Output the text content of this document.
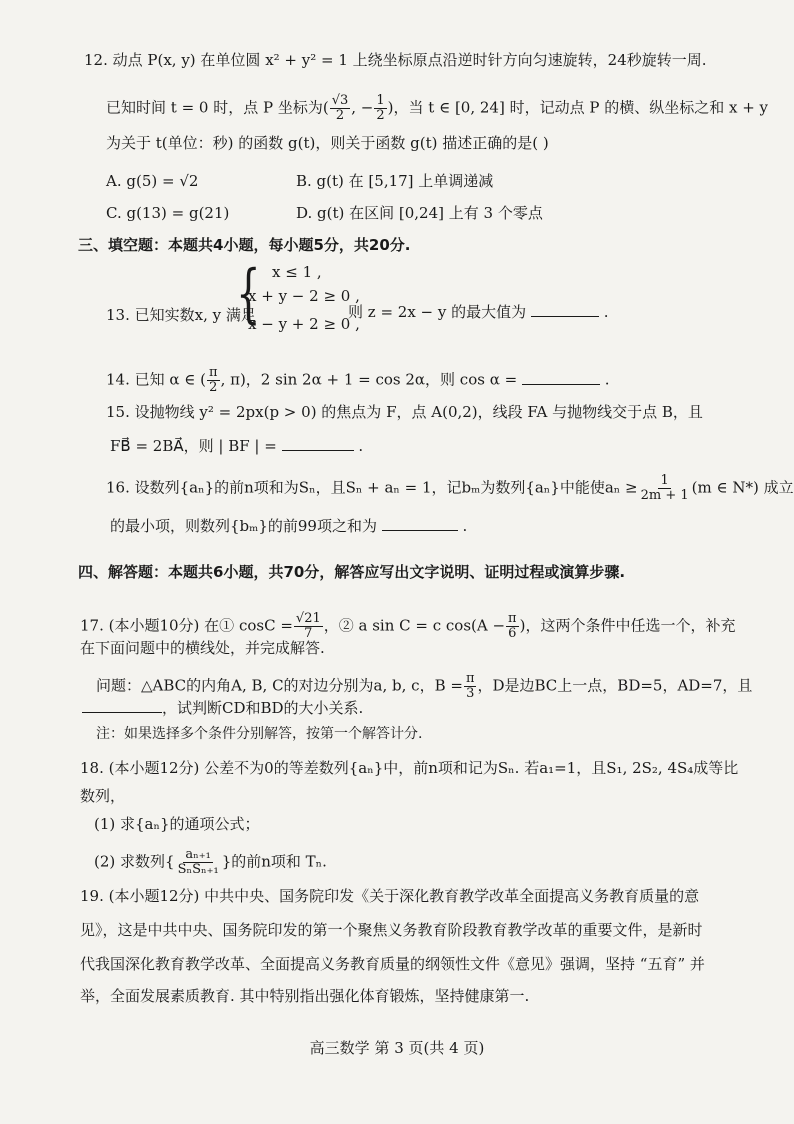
12. 动点 P(x, y) 在单位圆 x² + y² = 1 上绕坐标原点沿逆时针方向匀速旋转，24秒旋转一周.
已知时间 t = 0 时，点 P 坐标为( $\frac{√3}{2}$ , − $\frac{1}{2}$ )，当 t ∈ [0, 24] 时，记动点 P 的横、纵坐标之和 x + y
为关于 t(单位：秒) 的函数 g(t)，则关于函数 g(t) 描述正确的是( )
A. g(5) = √2	B. g(t) 在 [5,17] 上单调递减
C. g(13) = g(21)	D. g(t) 在区间 [0,24] 上有 3 个零点
三、填空题：本题共4小题，每小题5分，共20分.
13. 已知实数x, y 满足
{ x ≤ 1 ,
x + y − 2 ≥ 0 ,
x − y + 2 ≥ 0 ,
则 z = 2x − y 的最大值为	.
14. 已知 α ∈ ( $\frac{\pi}{2}$ , π)，2 sin 2α + 1 = cos 2α，则 cos α =	.
15. 设抛物线 y² = 2px(p > 0) 的焦点为 F，点 A(0,2)，线段 FA 与抛物线交于点 B，且
FB⃗ = 2BA⃗，则 | BF | =	.
16. 设数列{aₙ}的前n项和为Sₙ，且Sₙ + aₙ = 1，记bₘ为数列{aₙ}中能使$a_n \ge \frac{1}{2m + 1} (m$ ∈ N*) 成立
的最小项，则数列{bₘ}的前99项之和为	.
四、解答题：本题共6小题，共70分，解答应写出文字说明、证明过程或演算步骤.
17. (本小题10分) 在① $\cos C = \frac{√21}{7}$ ，② a sin C = c $\cos(A - \frac{\pi}{6}$ )，这两个条件中任选一个，补充
在下面问题中的横线处，并完成解答.
问题：△ABC的内角A, B, C的对边分别为a, b, c，$B = \frac{\pi}{3}$ ，D是边BC上一点，BD=5，AD=7，且
，试判断CD和BD的大小关系.
注：如果选择多个条件分别解答，按第一个解答计分.
18. (本小题12分) 公差不为0的等差数列{aₙ}中，前n项和记为Sₙ. 若a₁=1，且S₁, 2S₂, 4S₄成等比
数列，
(1) 求{aₙ}的通项公式；
(2) 求数列{ $\frac{\text{aₙ₊₁}}{\text{SₙSₙ₊₁}}$ }的前n项和 Tₙ.
19. (本小题12分) 中共中央、国务院印发《关于深化教育教学改革全面提高义务教育质量的意
见》，这是中共中央、国务院印发的第一个聚焦义务教育阶段教育教学改革的重要文件，是新时
代我国深化教育教学改革、全面提高义务教育质量的纲领性文件《意见》强调，坚持 “五育” 并
举，全面发展素质教育. 其中特别指出强化体育锻炼，坚持健康第一.
高三数学 第 3 页(共 4 页)
